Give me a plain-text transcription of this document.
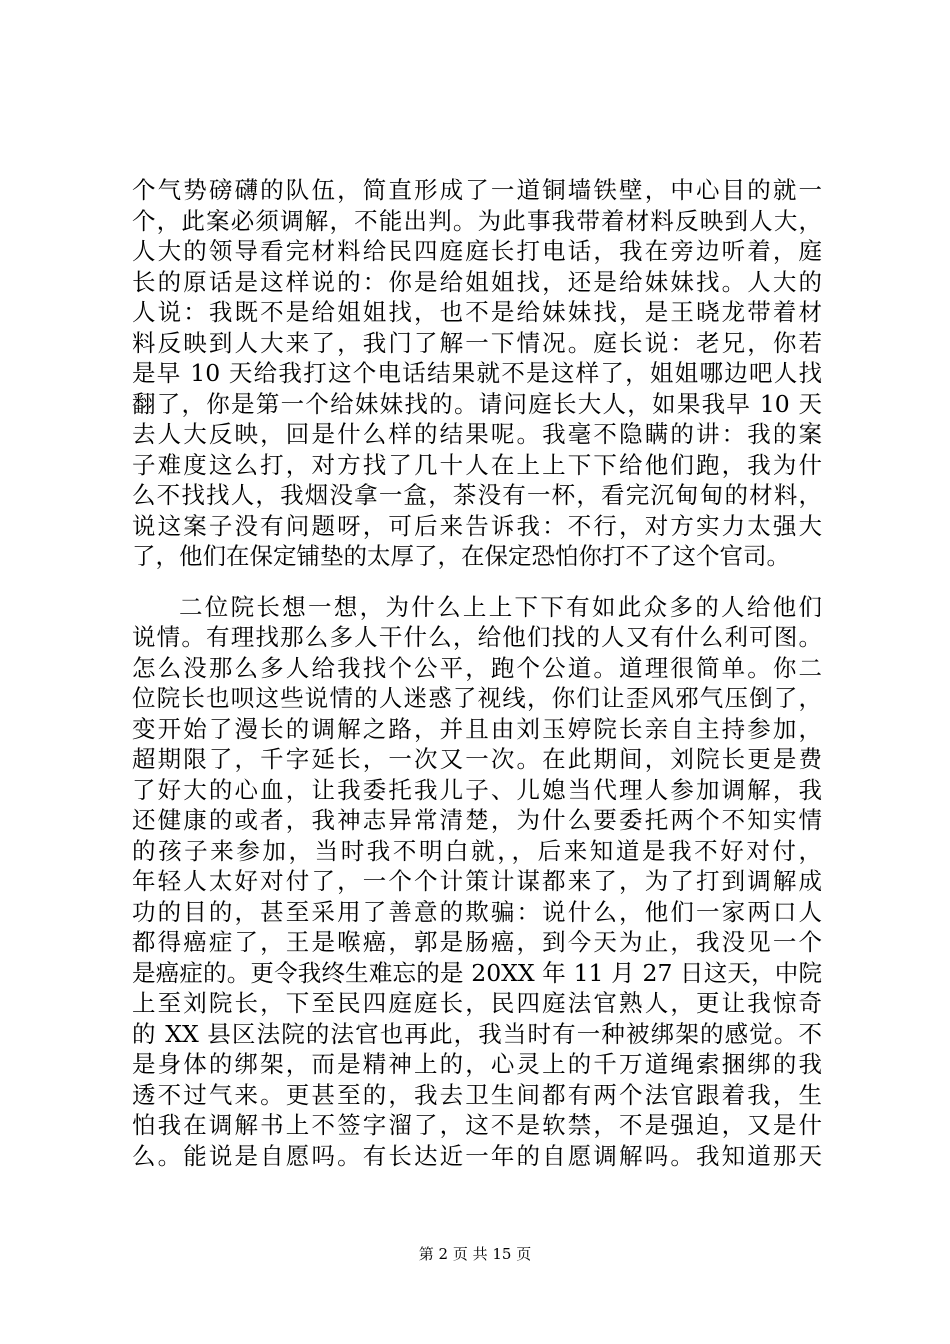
个气势磅礴的队伍，简直形成了一道铜墙铁壁，中心目的就一
个，此案必须调解，不能出判。为此事我带着材料反映到人大，
人大的领导看完材料给民四庭庭长打电话，我在旁边听着，庭
长的原话是这样说的：你是给姐姐找，还是给妹妹找。人大的
人说：我既不是给姐姐找，也不是给妹妹找，是王晓龙带着材
料反映到人大来了，我门了解一下情况。庭长说：老兄，你若
是早 10 天给我打这个电话结果就不是这样了，姐姐哪边吧人找
翻了，你是第一个给妹妹找的。请问庭长大人，如果我早 10 天
去人大反映，回是什么样的结果呢。我毫不隐瞒的讲：我的案
子难度这么打，对方找了几十人在上上下下给他们跑，我为什
么不找找人，我烟没拿一盒，茶没有一杯，看完沉甸甸的材料，
说这案子没有问题呀，可后来告诉我：不行，对方实力太强大
了，他们在保定铺垫的太厚了，在保定恐怕你打不了这个官司。
二位院长想一想，为什么上上下下有如此众多的人给他们
说情。有理找那么多人干什么，给他们找的人又有什么利可图。
怎么没那么多人给我找个公平，跑个公道。道理很简单。你二
位院长也呗这些说情的人迷惑了视线，你们让歪风邪气压倒了，
变开始了漫长的调解之路，并且由刘玉婷院长亲自主持参加，
超期限了，千字延长，一次又一次。在此期间，刘院长更是费
了好大的心血，让我委托我儿子、儿媳当代理人参加调解，我
还健康的或者，我神志异常清楚，为什么要委托两个不知实情
的孩子来参加，当时我不明白就，，后来知道是我不好对付，
年轻人太好对付了，一个个计策计谋都来了，为了打到调解成
功的目的，甚至采用了善意的欺骗：说什么，他们一家两口人
都得癌症了，王是喉癌，郭是肠癌，到今天为止，我没见一个
是癌症的。更令我终生难忘的是 20XX 年 11 月 27 日这天，中院
上至刘院长，下至民四庭庭长，民四庭法官熟人，更让我惊奇
的 XX 县区法院的法官也再此，我当时有一种被绑架的感觉。不
是身体的绑架，而是精神上的，心灵上的千万道绳索捆绑的我
透不过气来。更甚至的，我去卫生间都有两个法官跟着我，生
怕我在调解书上不签字溜了，这不是软禁，不是强迫，又是什
么。能说是自愿吗。有长达近一年的自愿调解吗。我知道那天
第 2 页 共 15 页
